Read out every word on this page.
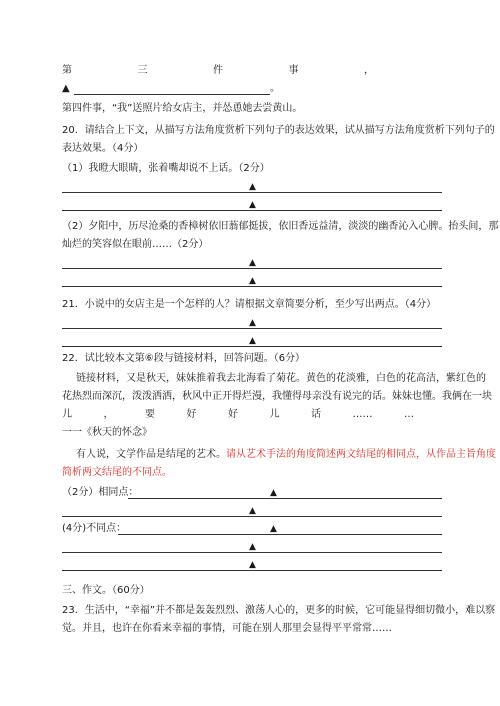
第	三	件	事	，
▲	。
第四件事，“我”送照片给女店主，并怂恿她去尝黄山。
20．请结合上下文，从描写方法角度赏析下列句子的表达效果，试从描写方法角度赏析下列句子的
表达效果。（4分）
（1）我瞪大眼睛，张着嘴却说不上话。（2分）
▲
▲
（2）夕阳中，历尽沧桑的香樟树依旧蓊郁挺拔，依旧香远益清，淡淡的幽香沁入心脾。抬头间，那
灿烂的笑容似在眼前……（2分）
▲
▲
21．小说中的女店主是一个怎样的人？请根据文章简要分析，至少写出两点。（4分）
▲
▲
22．试比较本文第⑥段与链接材料，回答问题。（6分）
链接材料，又是秋天，妹妹推着我去北海看了菊花。黄色的花淡雅，白色的花高洁，紫红色的
花热烈而深沉，泼泼洒洒，秋风中正开得烂漫，我懂得母亲没有说完的话。妹妹也懂。我俩在一块
儿	，	要	好	好	儿	话	……	…
一一《秋天的怀念》
有人说，文学作品是结尾的艺术。请从艺术手法的角度简述两文结尾的相同点，从作品主旨角度
简析两文结尾的不同点。
（2分）相同点：	▲
▲
(4分)不同点：	▲
▲
▲
三、作文。（60分）
23．生活中，“幸福”并不都是轰轰烈烈、激荡人心的，更多的时候，它可能显得细切微小，难以察
觉。并且，也许在你看来幸福的事情，可能在别人那里会显得平平常常……
